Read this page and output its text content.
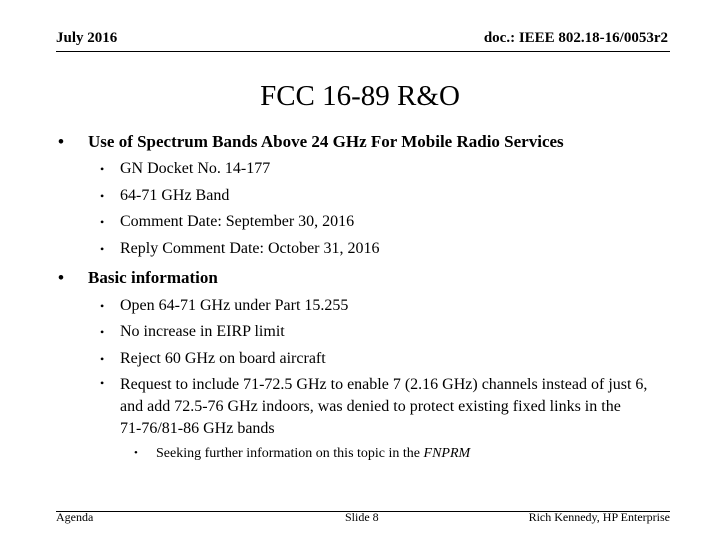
July 2016	doc.: IEEE 802.18-16/0053r2
FCC 16-89 R&O
• Use of Spectrum Bands Above 24 GHz For Mobile Radio Services
• GN Docket No. 14-177
• 64-71 GHz Band
• Comment Date: September 30, 2016
• Reply Comment Date: October 31, 2016
• Basic information
• Open 64-71 GHz under Part 15.255
• No increase in EIRP limit
• Reject 60 GHz on board aircraft
• Request to include 71-72.5 GHz to enable 7 (2.16 GHz) channels instead of just 6, and add 72.5-76 GHz indoors, was denied to protect existing fixed links in the 71‑76/81‑86 GHz bands
• Seeking further information on this topic in the FNPRM
Agenda	Slide 8	Rich Kennedy, HP Enterprise
